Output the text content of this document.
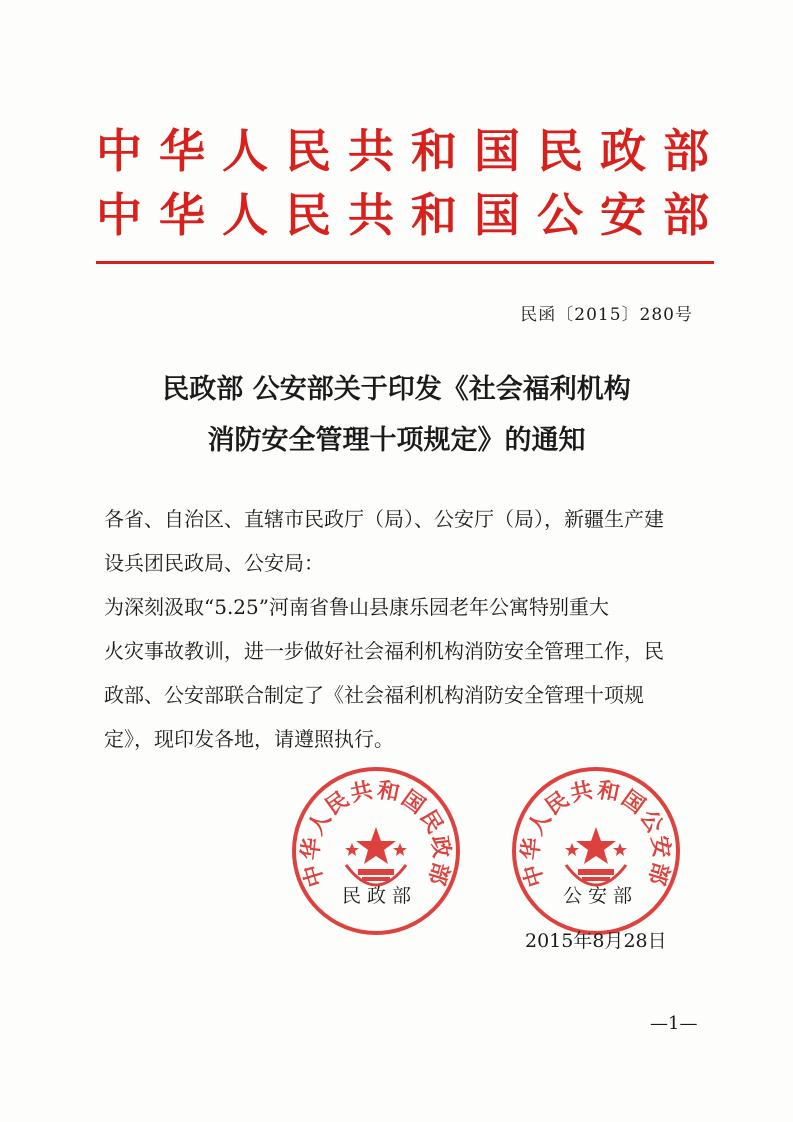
中华人民共和国民政部
中华人民共和国公安部
民函〔2015〕280号
民政部 公安部关于印发《社会福利机构
消防安全管理十项规定》的通知
各省、自治区、直辖市民政厅（局）、公安厅（局），新疆生产建
设兵团民政局、公安局：
为深刻汲取“5.25”河南省鲁山县康乐园老年公寓特别重大
火灾事故教训，进一步做好社会福利机构消防安全管理工作，民
政部、公安部联合制定了《社会福利机构消防安全管理十项规
定》，现印发各地，请遵照执行。
中华人民共和国民政部
民政部
中华人民共和国公安部
公安部
2015年8月28日
—1—
